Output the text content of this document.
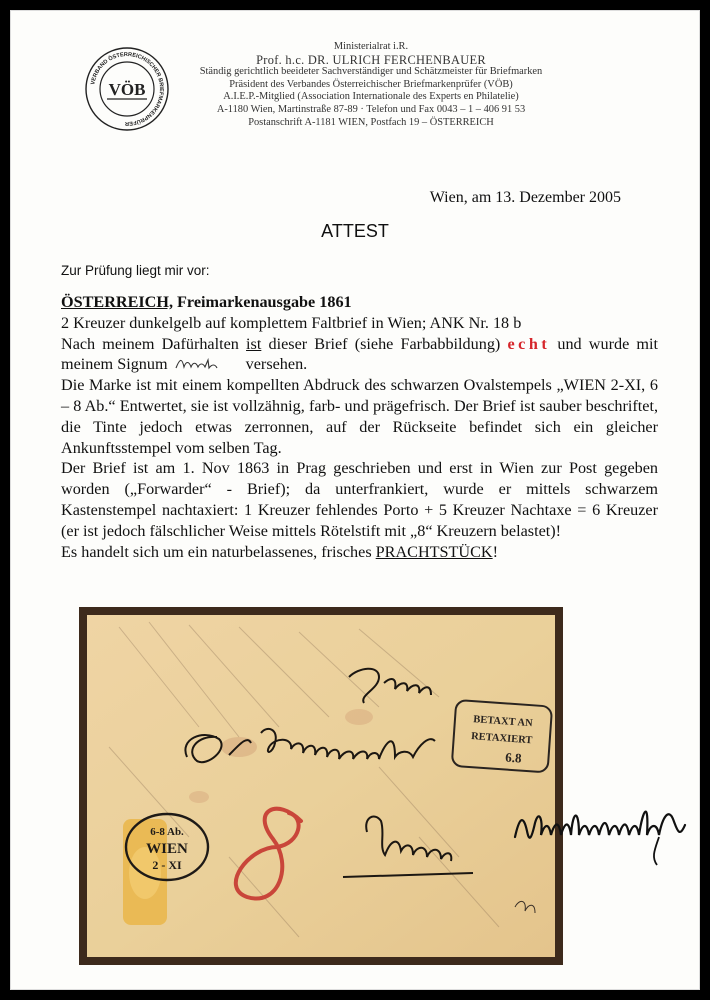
VERBAND ÖSTERREICHISCHER BRIEFMARKENPRÜFER
VÖB
Ministerialrat i.R.
Prof. h.c. DR. ULRICH FERCHENBAUER
Ständig gerichtlich beeideter Sachverständiger und Schätzmeister für Briefmarken
Präsident des Verbandes Österreichischer Briefmarkenprüfer (VÖB)
A.I.E.P.-Mitglied (Association Internationale des Experts en Philatelie)
A-1180 Wien, Martinstraße 87-89 · Telefon und Fax 0043 – 1 – 406 91 53
Postanschrift A-1181 WIEN, Postfach 19 – ÖSTERREICH
Wien, am 13. Dezember 2005
ATTEST
Zur Prüfung liegt mir vor:

ÖSTERREICH, Freimarkenausgabe 1861

2 Kreuzer dunkelgelb auf komplettem Faltbrief in Wien; ANK Nr. 18 b

Nach meinem Dafürhalten ist dieser Brief (siehe Farbabbildung) echt und wurde mit meinem Signum	versehen.

Die Marke ist mit einem kompellten Abdruck des schwarzen Ovalstempels „WIEN 2-XI, 6 – 8 Ab.“ Entwertet, sie ist vollzähnig, farb- und prägefrisch. Der Brief ist sauber beschriftet, die Tinte jedoch etwas zerronnen, auf der Rückseite befindet sich ein gleicher Ankunftsstempel vom selben Tag.

Der Brief ist am 1. Nov 1863 in Prag geschrieben und erst in Wien zur Post gegeben worden („Forwarder“ - Brief); da unterfrankiert, wurde er mittels schwarzem Kastenstempel nachtaxiert: 1 Kreuzer fehlendes Porto + 5 Kreuzer Nachtaxe = 6 Kreuzer (er ist jedoch fälschlicher Weise mittels Rötelstift mit „8“ Kreuzern belastet)!

Es handelt sich um ein naturbelassenes, frisches PRACHTSTÜCK!

6-8 Ab.
WIEN
2 - XI
BETAXT AN
RETAXIERT
6.8
